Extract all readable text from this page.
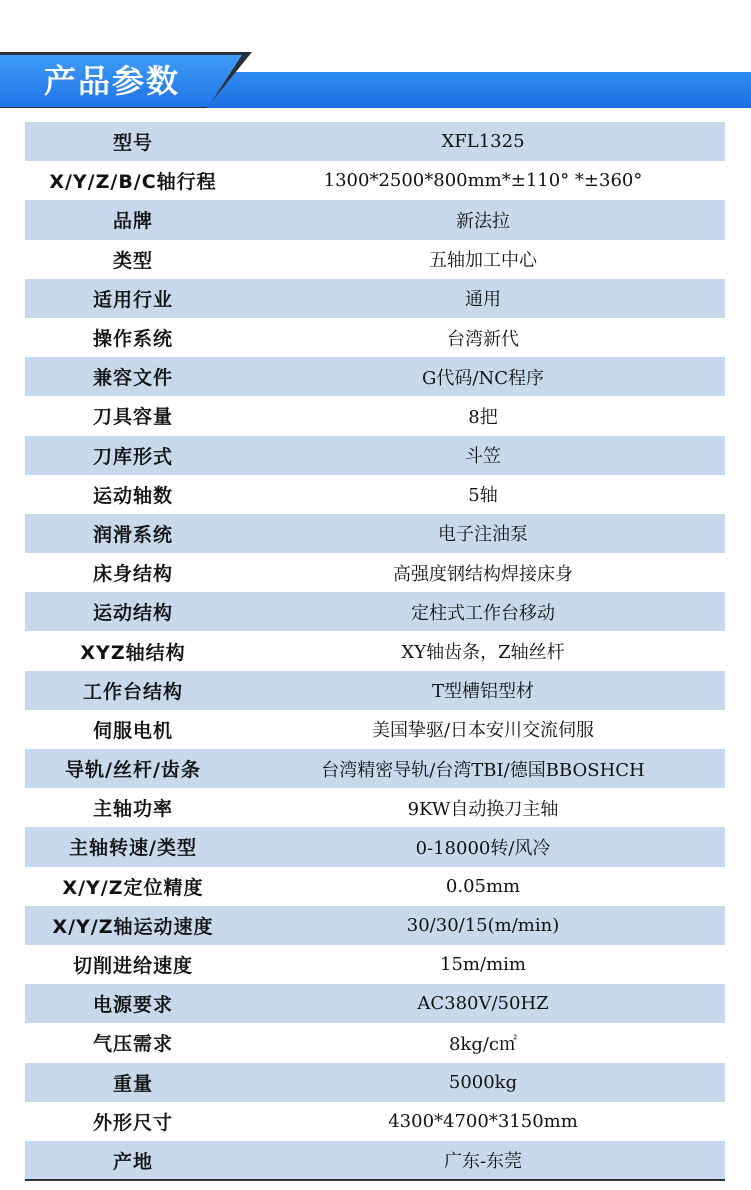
产品参数
型号	XFL1325
X/Y/Z/B/C轴行程	1300*2500*800mm*±110° *±360°
品牌	新法拉
类型	五轴加工中心
适用行业	通用
操作系统	台湾新代
兼容文件	G代码/NC程序
刀具容量	8把
刀库形式	斗笠
运动轴数	5轴
润滑系统	电子注油泵
床身结构	高强度钢结构焊接床身
运动结构	定柱式工作台移动
XYZ轴结构	XY轴齿条，Z轴丝杆
工作台结构	T型槽铝型材
伺服电机	美国挚驱/日本安川交流伺服
导轨/丝杆/齿条	台湾精密导轨/台湾TBI/德国BBOSHCH
主轴功率	9KW自动换刀主轴
主轴转速/类型	0-18000转/风冷
X/Y/Z定位精度	0.05mm
X/Y/Z轴运动速度	30/30/15(m/min)
切削进给速度	15m/mim
电源要求	AC380V/50HZ
气压需求	8kg/c㎡
重量	5000kg
外形尺寸	4300*4700*3150mm
产地	广东-东莞
